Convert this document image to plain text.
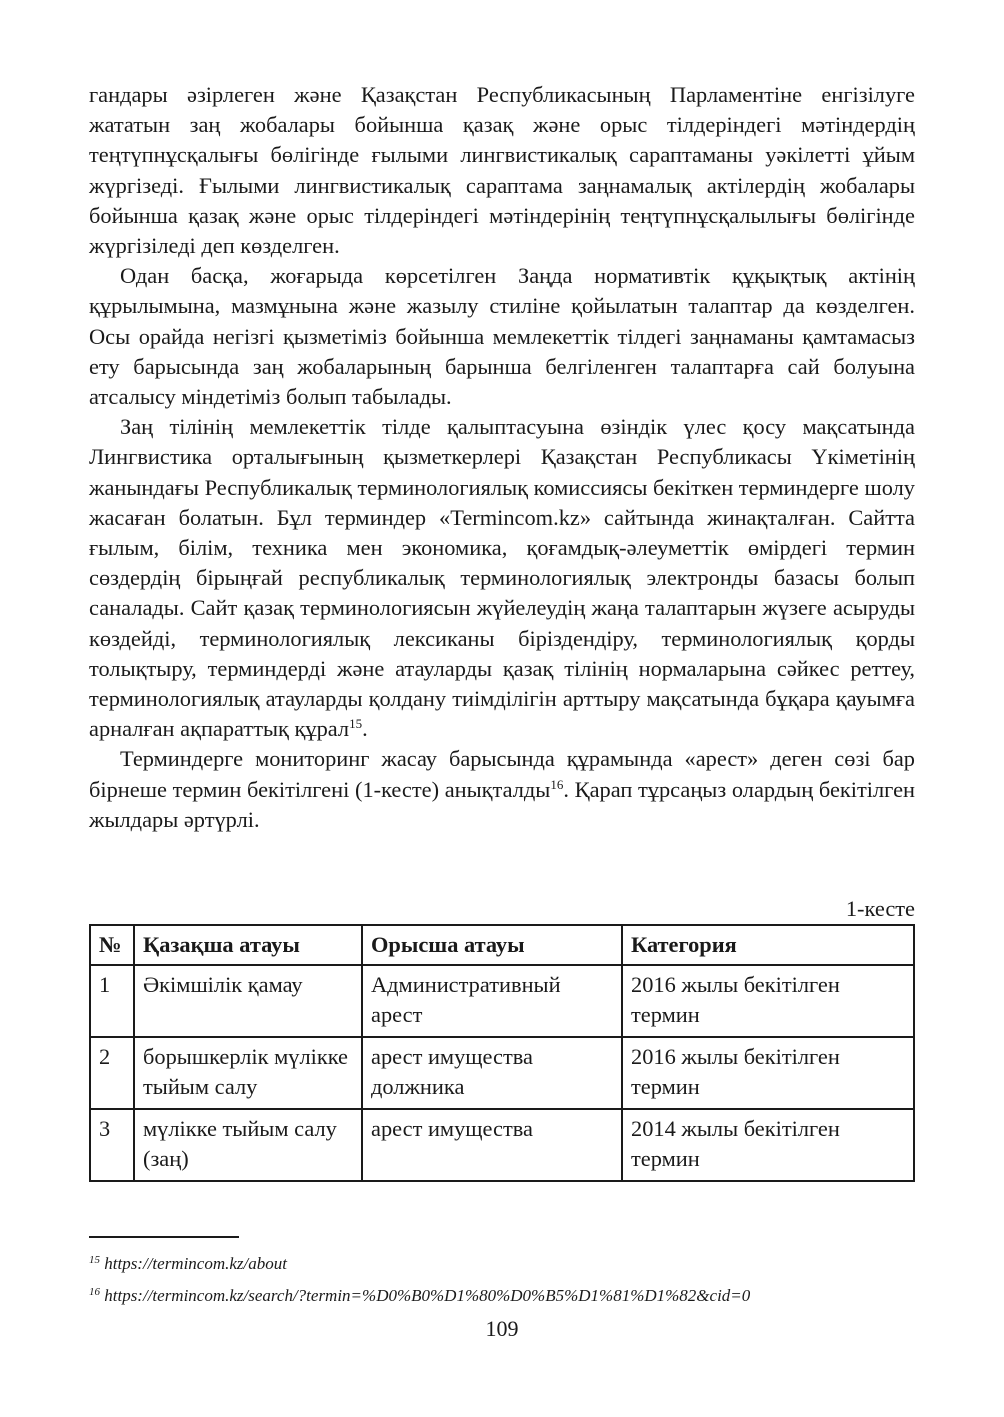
гандары әзірлеген және Қазақстан Республикасының Парламентіне енгізілуге жататын заң жобалары бойынша қазақ және орыс тілдеріндегі мәтіндердің теңтүпнұсқалығы бөлігінде ғылыми лингвистикалық сараптаманы уәкілетті ұйым жүргізеді. Ғылыми лингвистикалық сараптама заңнамалық актілердің жобалары бойынша қазақ және орыс тілдеріндегі мәтіндерінің теңтүпнұсқалылығы бөлігінде жүргізіледі деп көзделген.

Одан басқа, жоғарыда көрсетілген Заңда нормативтік құқықтық актінің құрылымына, мазмұнына және жазылу стиліне қойылатын талаптар да көзделген. Осы орайда негізгі қызметіміз бойынша мемлекеттік тілдегі заңнаманы қамтамасыз ету барысында заң жобаларының барынша белгіленген талаптарға сай болуына атсалысу міндетіміз болып табылады.

Заң тілінің мемлекеттік тілде қалыптасуына өзіндік үлес қосу мақсатында Лингвистика орталығының қызметкерлері Қазақстан Республикасы Үкіметінің жанындағы Республикалық терминологиялық комиссиясы бекіткен терминдерге шолу жасаған болатын. Бұл терминдер «Termincom.kz» сайтында жинақталған. Сайтта ғылым, білім, техника мен экономика, қоғамдық-әлеуметтік өмірдегі термин сөздердің бірыңғай республикалық терминологиялық электронды базасы болып саналады. Сайт қазақ терминологиясын жүйелеудің жаңа талаптарын жүзеге асыруды көздейді, терминологиялық лексиканы біріздендіру, терминологиялық қорды толықтыру, терминдерді және атауларды қазақ тілінің нормаларына сәйкес реттеу, терминологиялық атауларды қолдану тиімділігін арттыру мақсатында бұқара қауымға арналған ақпараттық құрал$^{15}$.

Терминдерге мониторинг жасау барысында құрамында «арест» деген сөзі бар бірнеше термин бекітілгені (1-кесте) анықталды$^{16}$. Қарап тұрсаңыз олардың бекітілген жылдары әртүрлі.

1-кесте
№	Қазақша атауы	Орысша атауы	Категория
1	Әкімшілік қамау	Административный арест	2016 жылы бекітілген термин
2	борышкерлік мүлікке тыйым салу	арест имущества должника	2016 жылы бекітілген термин
3	мүлікке тыйым салу (заң)	арест имущества	2014 жылы бекітілген термин
$^{15}$ https://termincom.kz/about
$^{16}$ https://termincom.kz/search/?termin=%D0%B0%D1%80%D0%B5%D1%81%D1%82&cid=0
109
